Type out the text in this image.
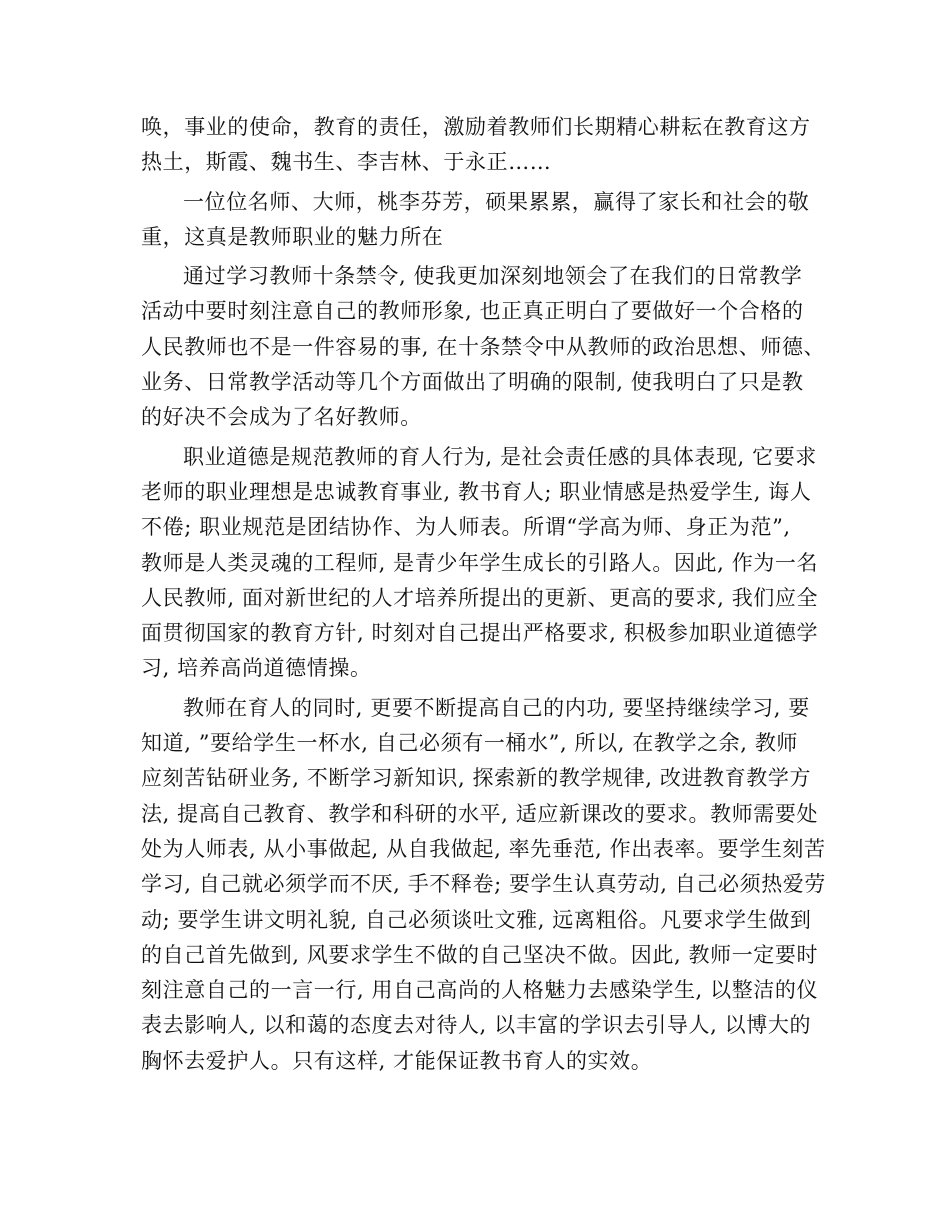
唤，事业的使命，教育的责任，激励着教师们长期精心耕耘在教育这方
热土，斯霞、魏书生、李吉林、于永正……
一位位名师、大师，桃李芬芳，硕果累累，赢得了家长和社会的敬
重，这真是教师职业的魅力所在
通过学习教师十条禁令, 使我更加深刻地领会了在我们的日常教学
活动中要时刻注意自己的教师形象, 也正真正明白了要做好一个合格的
人民教师也不是一件容易的事, 在十条禁令中从教师的政治思想、师德、
业务、日常教学活动等几个方面做出了明确的限制, 使我明白了只是教
的好决不会成为了名好教师。
职业道德是规范教师的育人行为, 是社会责任感的具体表现, 它要求
老师的职业理想是忠诚教育事业, 教书育人; 职业情感是热爱学生, 诲人
不倦; 职业规范是团结协作、为人师表。所谓“学高为师、身正为范”,
教师是人类灵魂的工程师, 是青少年学生成长的引路人。因此, 作为一名
人民教师, 面对新世纪的人才培养所提出的更新、更高的要求, 我们应全
面贯彻国家的教育方针, 时刻对自己提出严格要求, 积极参加职业道德学
习, 培养高尚道德情操。
教师在育人的同时, 更要不断提高自己的内功, 要坚持继续学习, 要
知道, ”要给学生一杯水, 自己必须有一桶水”, 所以, 在教学之余, 教师
应刻苦钻研业务, 不断学习新知识, 探索新的教学规律, 改进教育教学方
法, 提高自己教育、教学和科研的水平, 适应新课改的要求。教师需要处
处为人师表, 从小事做起, 从自我做起, 率先垂范, 作出表率。要学生刻苦
学习, 自己就必须学而不厌, 手不释卷; 要学生认真劳动, 自己必须热爱劳
动; 要学生讲文明礼貌, 自己必须谈吐文雅, 远离粗俗。凡要求学生做到
的自己首先做到, 风要求学生不做的自己坚决不做。因此, 教师一定要时
刻注意自己的一言一行, 用自己高尚的人格魅力去感染学生, 以整洁的仪
表去影响人, 以和蔼的态度去对待人, 以丰富的学识去引导人, 以博大的
胸怀去爱护人。只有这样, 才能保证教书育人的实效。
